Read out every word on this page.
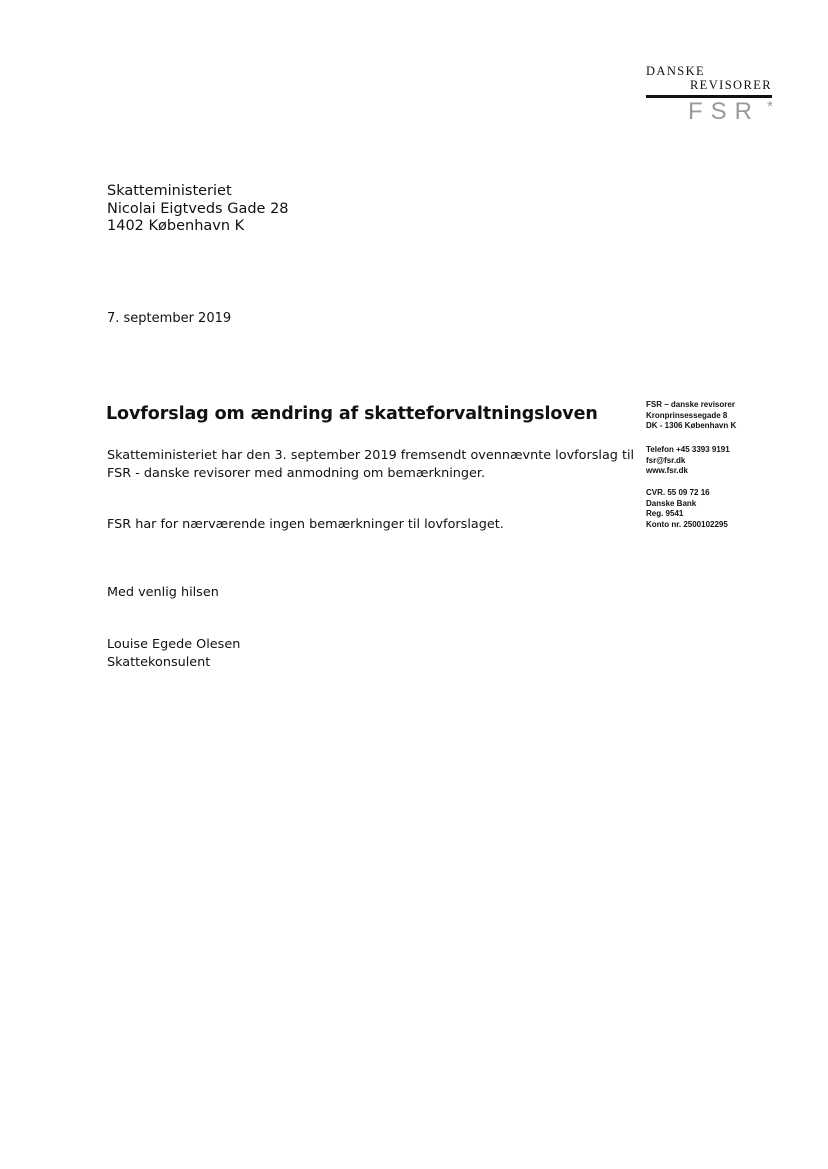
DANSKE
REVISORER
FSR *
Skatteministeriet
Nicolai Eigtveds Gade 28
1402 København K
7. september 2019
Lovforslag om ændring af skatteforvaltningsloven
Skatteministeriet har den 3. september 2019 fremsendt ovennævnte lovforslag til
FSR - danske revisorer med anmodning om bemærkninger.
FSR har for nærværende ingen bemærkninger til lovforslaget.
Med venlig hilsen
Louise Egede Olesen
Skattekonsulent
FSR – danske revisorer
Kronprinsessegade 8
DK - 1306 København K
Telefon +45 3393 9191
fsr@fsr.dk
www.fsr.dk
CVR. 55 09 72 16
Danske Bank
Reg. 9541
Konto nr. 2500102295
